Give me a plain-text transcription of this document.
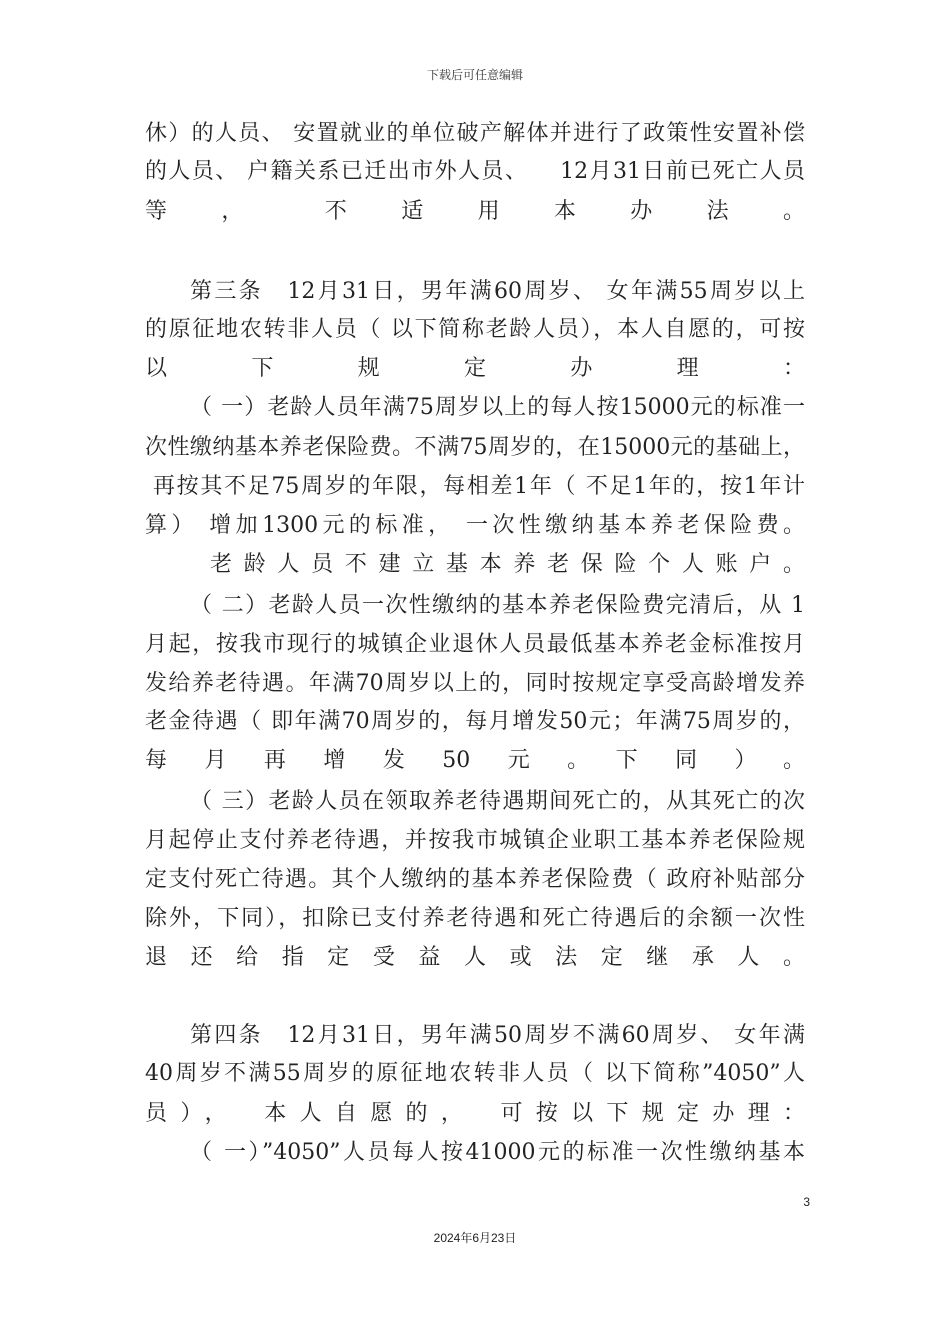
下载后可任意编辑
休）的人员、 安置就业的单位破产解体并进行了政策性安置补偿
的人员、 户籍关系已迁出市外人员、 　12月31日前已死亡人员
等　，　　不　适　用　本　办　法　。
第三条　12月31日，男年满60周岁、 女年满55周岁以上
的原征地农转非人员（ 以下简称老龄人员），本人自愿的，可按
以　下　规　定　办　理　：
（ 一）老龄人员年满75周岁以上的每人按15000元的标准一
次性缴纳基本养老保险费。不满75周岁的，在15000元的基础上，
再按其不足75周岁的年限，每相差1年（ 不足1年的，按1年计
算） 增加1300元的标准， 一次性缴纳基本养老保险费。
老龄人员不建立基本养老保险个人账户。
（ 二）老龄人员一次性缴纳的基本养老保险费完清后，从 1
月起，按我市现行的城镇企业退休人员最低基本养老金标准按月
发给养老待遇。年满70周岁以上的，同时按规定享受高龄增发养
老金待遇（ 即年满70周岁的，每月增发50元；年满75周岁的，
每　月　再　增　发　50　元　。　下　同　）　。
（ 三）老龄人员在领取养老待遇期间死亡的，从其死亡的次
月起停止支付养老待遇，并按我市城镇企业职工基本养老保险规
定支付死亡待遇。其个人缴纳的基本养老保险费（ 政府补贴部分
除外，下同），扣除已支付养老待遇和死亡待遇后的余额一次性
退还给指定受益人或法定继承人。
第四条　12月31日，男年满50周岁不满60周岁、 女年满
40周岁不满55周岁的原征地农转非人员（ 以下简称”4050”人
员），　本人自愿的，　可按以下规定办理：
（ 一）”4050”人员每人按41000元的标准一次性缴纳基本
3
2024年6月23日
